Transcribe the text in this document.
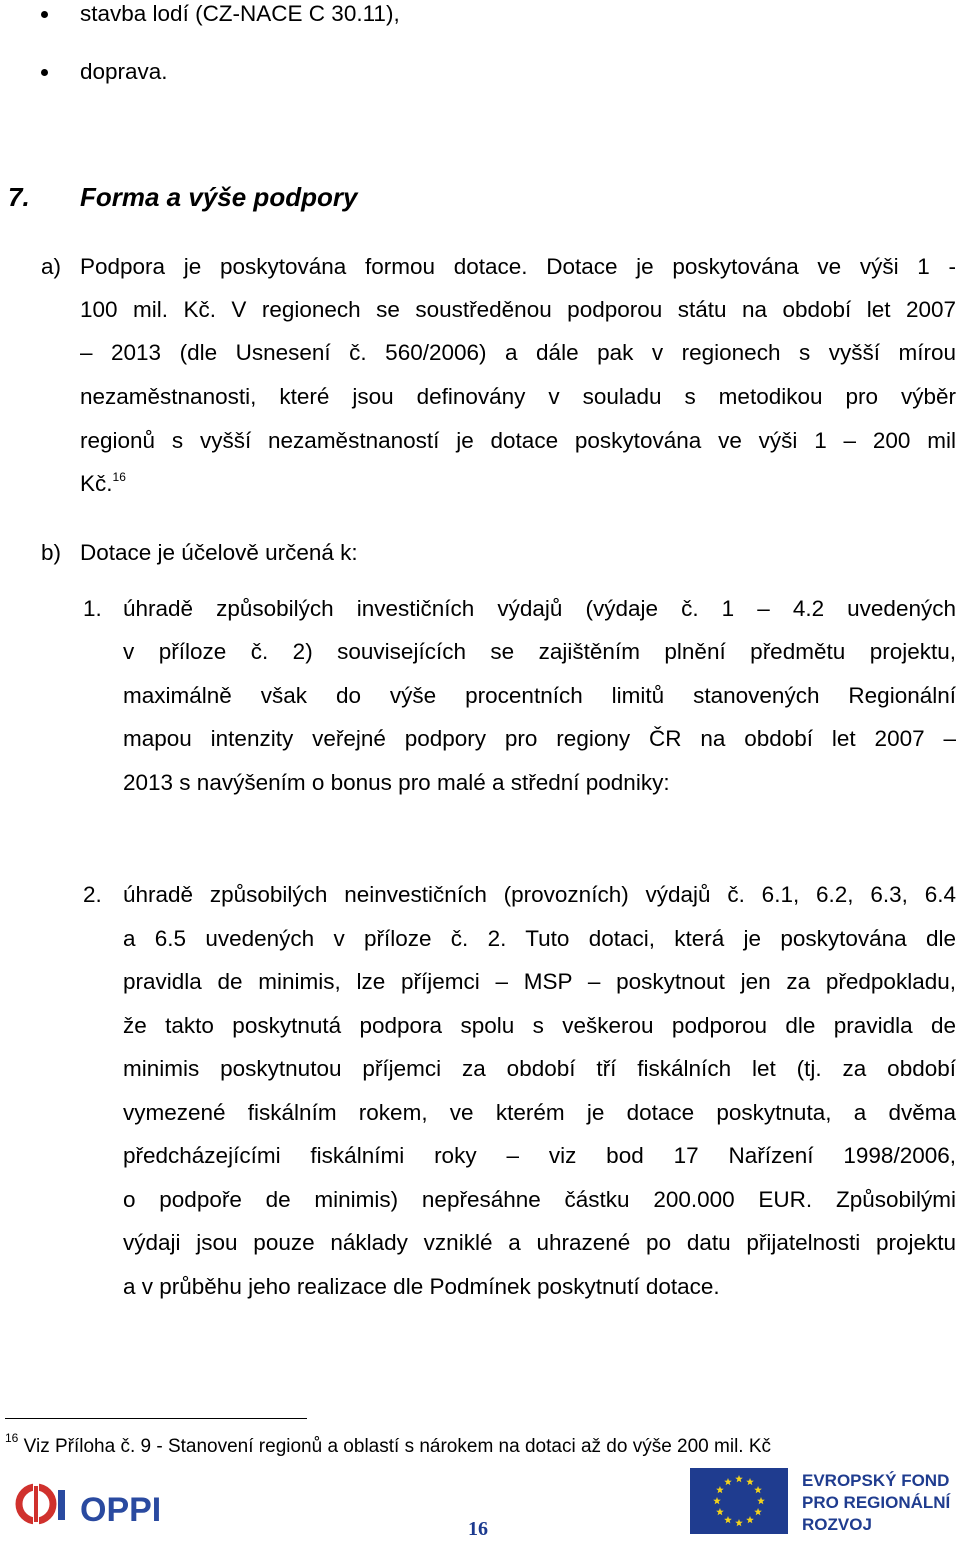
stavba lodí (CZ-NACE C 30.11),
doprava.
7. Forma a výše podpory
a) Podpora je poskytována formou dotace. Dotace je poskytována ve výši 1 -
100 mil. Kč. V regionech se soustředěnou podporou státu na období let 2007
– 2013 (dle Usnesení č. 560/2006) a dále pak v regionech s vyšší mírou
nezaměstnanosti, které jsou definovány v souladu s metodikou pro výběr
regionů s vyšší nezaměstnaností je dotace poskytována ve výši 1 – 200 mil
Kč.$^{16}$
b) Dotace je účelově určená k:
1. úhradě způsobilých investičních výdajů (výdaje č. 1 – 4.2 uvedených
v příloze č. 2) souvisejících se zajištěním plnění předmětu projektu,
maximálně však do výše procentních limitů stanovených Regionální
mapou intenzity veřejné podpory pro regiony ČR na období let 2007 –
2013 s navýšením o bonus pro malé a střední podniky:
2. úhradě způsobilých neinvestičních (provozních) výdajů č. 6.1, 6.2, 6.3, 6.4
a 6.5 uvedených v příloze č. 2. Tuto dotaci, která je poskytována dle
pravidla de minimis, lze příjemci – MSP – poskytnout jen za předpokladu,
že takto poskytnutá podpora spolu s veškerou podporou dle pravidla de
minimis poskytnutou příjemci za období tří fiskálních let (tj. za období
vymezené fiskálním rokem, ve kterém je dotace poskytnuta, a dvěma
předcházejícími fiskálními roky – viz bod 17 Nařízení 1998/2006,
o podpoře de minimis) nepřesáhne částku 200.000 EUR. Způsobilými
výdaji jsou pouze náklady vzniklé a uhrazené po datu přijatelnosti projektu
a v průběhu jeho realizace dle Podmínek poskytnutí dotace.
$^{16}$ Viz Příloha č. 9 - Stanovení regionů a oblastí s nárokem na dotaci až do výše 200 mil. Kč
OPPI	16
EVROPSKÝ FOND
PRO REGIONÁLNÍ
ROZVOJ
